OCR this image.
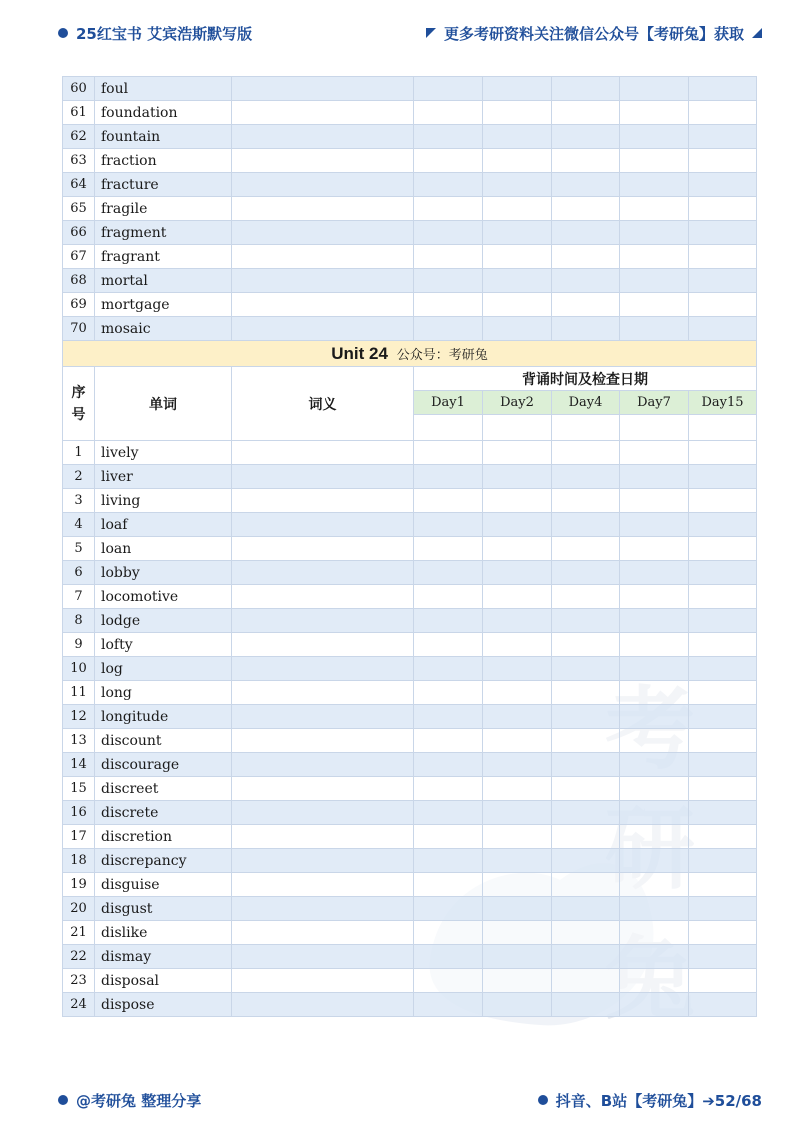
25红宝书 艾宾浩斯默写版	更多考研资料关注微信公众号【考研兔】获取
60	foul						
61	foundation						
62	fountain						
63	fraction						
64	fracture						
65	fragile						
66	fragment						
67	fragrant						
68	mortal						
69	mortgage						
70	mosaic						
Unit 24 公众号：考研兔							
序
号	单词	词义	背诵时间及检查日期				
			Day1	Day2	Day4	Day7	Day15

1	lively						
2	liver						
3	living						
4	loaf						
5	loan						
6	lobby						
7	locomotive						
8	lodge						
9	lofty						
10	log						
11	long						
12	longitude						
13	discount						
14	discourage						
15	discreet						
16	discrete						
17	discretion						
18	discrepancy						
19	disguise						
20	disgust						
21	dislike						
22	dismay						
23	disposal						
24	dispose						
@考研兔 整理分享	抖音、B站【考研兔】➔52/68
